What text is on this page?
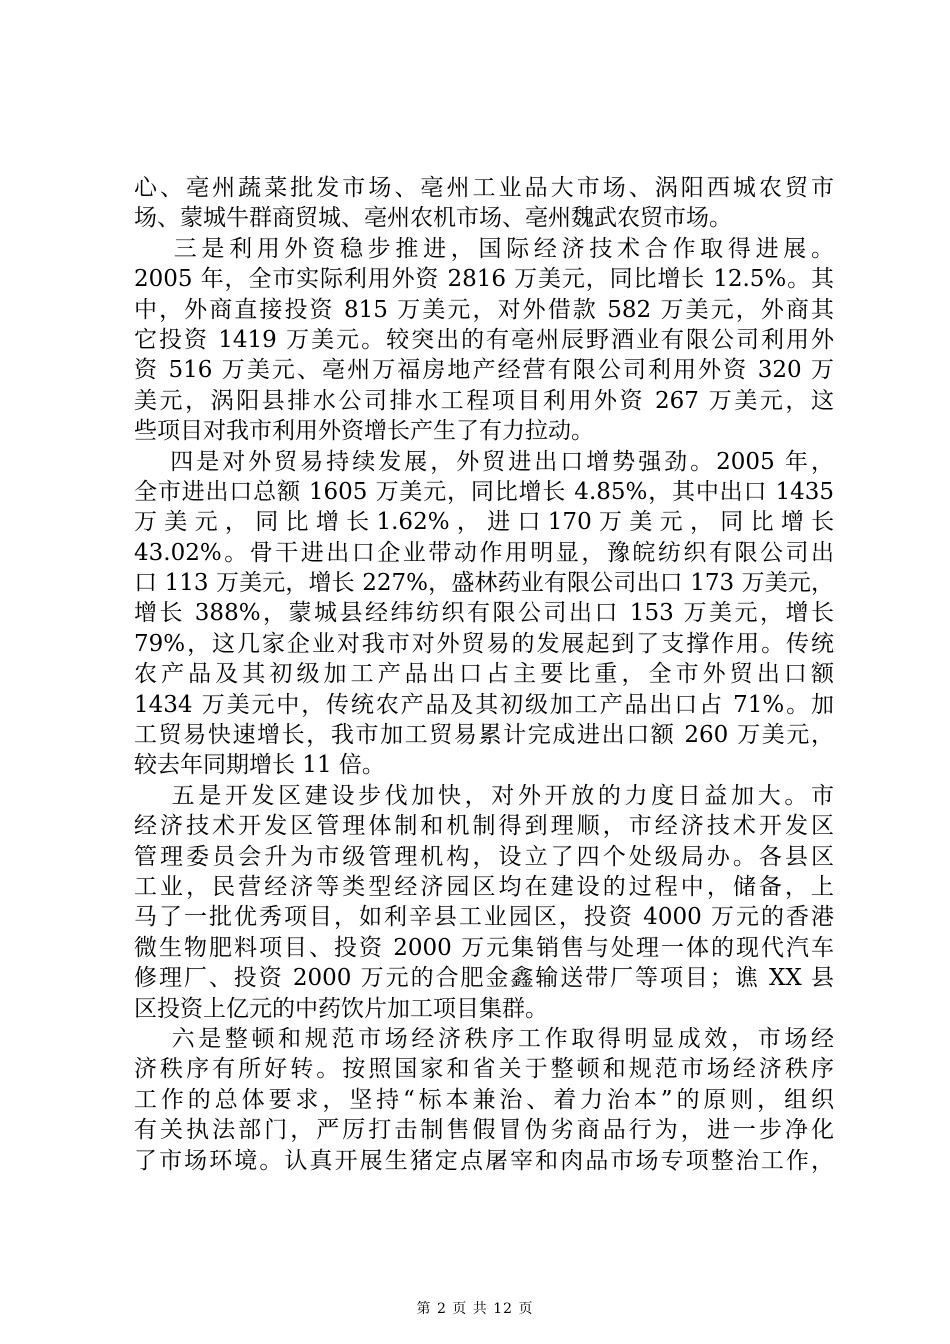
心、亳州蔬菜批发市场、亳州工业品大市场、涡阳西城农贸市
场、蒙城牛群商贸城、亳州农机市场、亳州魏武农贸市场。
　 三是利用外资稳步推进，国际经济技术合作取得进展。
2005 年，全市实际利用外资 2816 万美元，同比增长 12.5%。其
中，外商直接投资 815 万美元，对外借款 582 万美元，外商其
它投资 1419 万美元。较突出的有亳州辰野酒业有限公司利用外
资 516 万美元、亳州万福房地产经营有限公司利用外资 320 万
美元，涡阳县排水公司排水工程项目利用外资 267 万美元，这
些项目对我市利用外资增长产生了有力拉动。
　 四是对外贸易持续发展，外贸进出口增势强劲。2005 年，
全市进出口总额 1605 万美元，同比增长 4.85%，其中出口 1435
万 美 元 ， 同 比 增 长 1.62% ， 进 口 170 万 美 元 ， 同 比 增 长
43.02%。骨干进出口企业带动作用明显，豫皖纺织有限公司出
口 113 万美元，增长 227%，盛林药业有限公司出口 173 万美元，
增长 388%，蒙城县经纬纺织有限公司出口 153 万美元，增长
79%，这几家企业对我市对外贸易的发展起到了支撑作用。传统
农产品及其初级加工产品出口占主要比重，全市外贸出口额
1434 万美元中，传统农产品及其初级加工产品出口占 71%。加
工贸易快速增长，我市加工贸易累计完成进出口额 260 万美元，
较去年同期增长 11 倍。
　 五是开发区建设步伐加快，对外开放的力度日益加大。市
经济技术开发区管理体制和机制得到理顺，市经济技术开发区
管理委员会升为市级管理机构，设立了四个处级局办。各县区
工业，民营经济等类型经济园区均在建设的过程中，储备，上
马了一批优秀项目，如利辛县工业园区，投资 4000 万元的香港
微生物肥料项目、投资 2000 万元集销售与处理一体的现代汽车
修理厂、投资 2000 万元的合肥金鑫输送带厂等项目；谯 XX 县
区投资上亿元的中药饮片加工项目集群。
　 六是整顿和规范市场经济秩序工作取得明显成效，市场经
济秩序有所好转。按照国家和省关于整顿和规范市场经济秩序
工作的总体要求，坚持“标本兼治、着力治本”的原则，组织
有关执法部门，严厉打击制售假冒伪劣商品行为，进一步净化
了市场环境。认真开展生猪定点屠宰和肉品市场专项整治工作，
第 2 页 共 12 页
